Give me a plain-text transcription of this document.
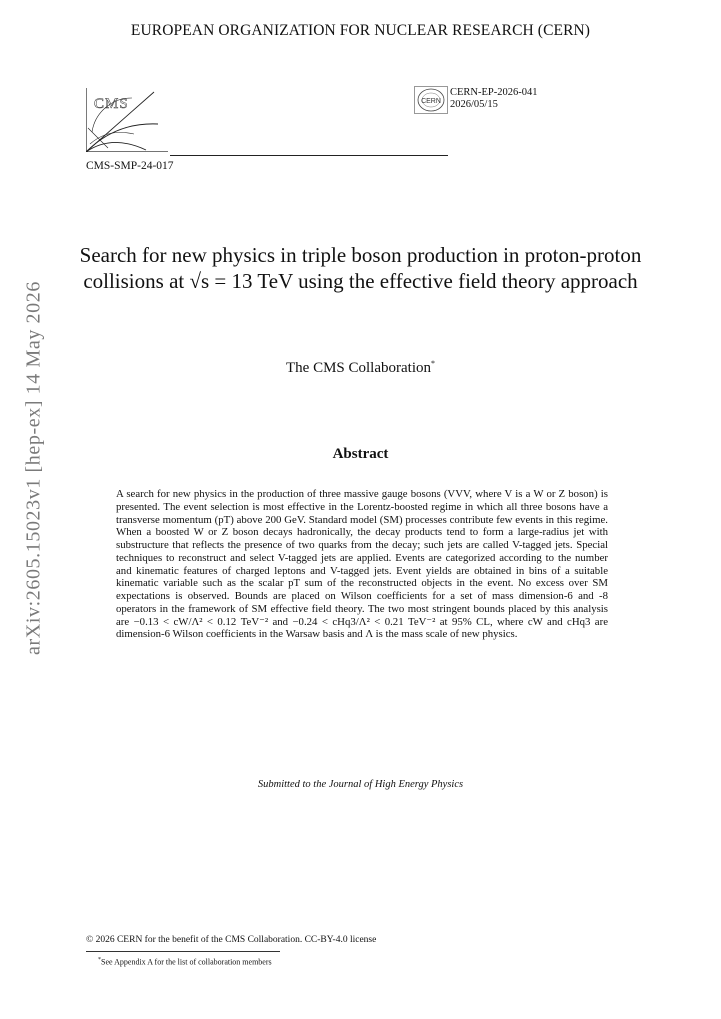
EUROPEAN ORGANIZATION FOR NUCLEAR RESEARCH (CERN)
CMS
CMS-SMP-24-017
CERN
CERN-EP-2026-041
2026/05/15
Search for new physics in triple boson production in proton-proton collisions at √s = 13 TeV using the effective field theory approach
The CMS Collaboration*
Abstract
A search for new physics in the production of three massive gauge bosons (VVV, where V is a W or Z boson) is presented. The event selection is most effective in the Lorentz-boosted regime in which all three bosons have a transverse momentum (pT) above 200 GeV. Standard model (SM) processes contribute few events in this regime. When a boosted W or Z boson decays hadronically, the decay products tend to form a large-radius jet with substructure that reflects the presence of two quarks from the decay; such jets are called V-tagged jets. Special techniques to reconstruct and select V-tagged jets are applied. Events are categorized according to the number and kinematic features of charged leptons and V-tagged jets. Event yields are obtained in bins of a suitable kinematic variable such as the scalar pT sum of the reconstructed objects in the event. No excess over SM expectations is observed. Bounds are placed on Wilson coefficients for a set of mass dimension-6 and -8 operators in the framework of SM effective field theory. The two most stringent bounds placed by this analysis are −0.13 < cW/Λ² < 0.12 TeV⁻² and −0.24 < cHq3/Λ² < 0.21 TeV⁻² at 95% CL, where cW and cHq3 are dimension-6 Wilson coefficients in the Warsaw basis and Λ is the mass scale of new physics.
Submitted to the Journal of High Energy Physics
arXiv:2605.15023v1 [hep-ex] 14 May 2026
© 2026 CERN for the benefit of the CMS Collaboration. CC-BY-4.0 license
*See Appendix A for the list of collaboration members
